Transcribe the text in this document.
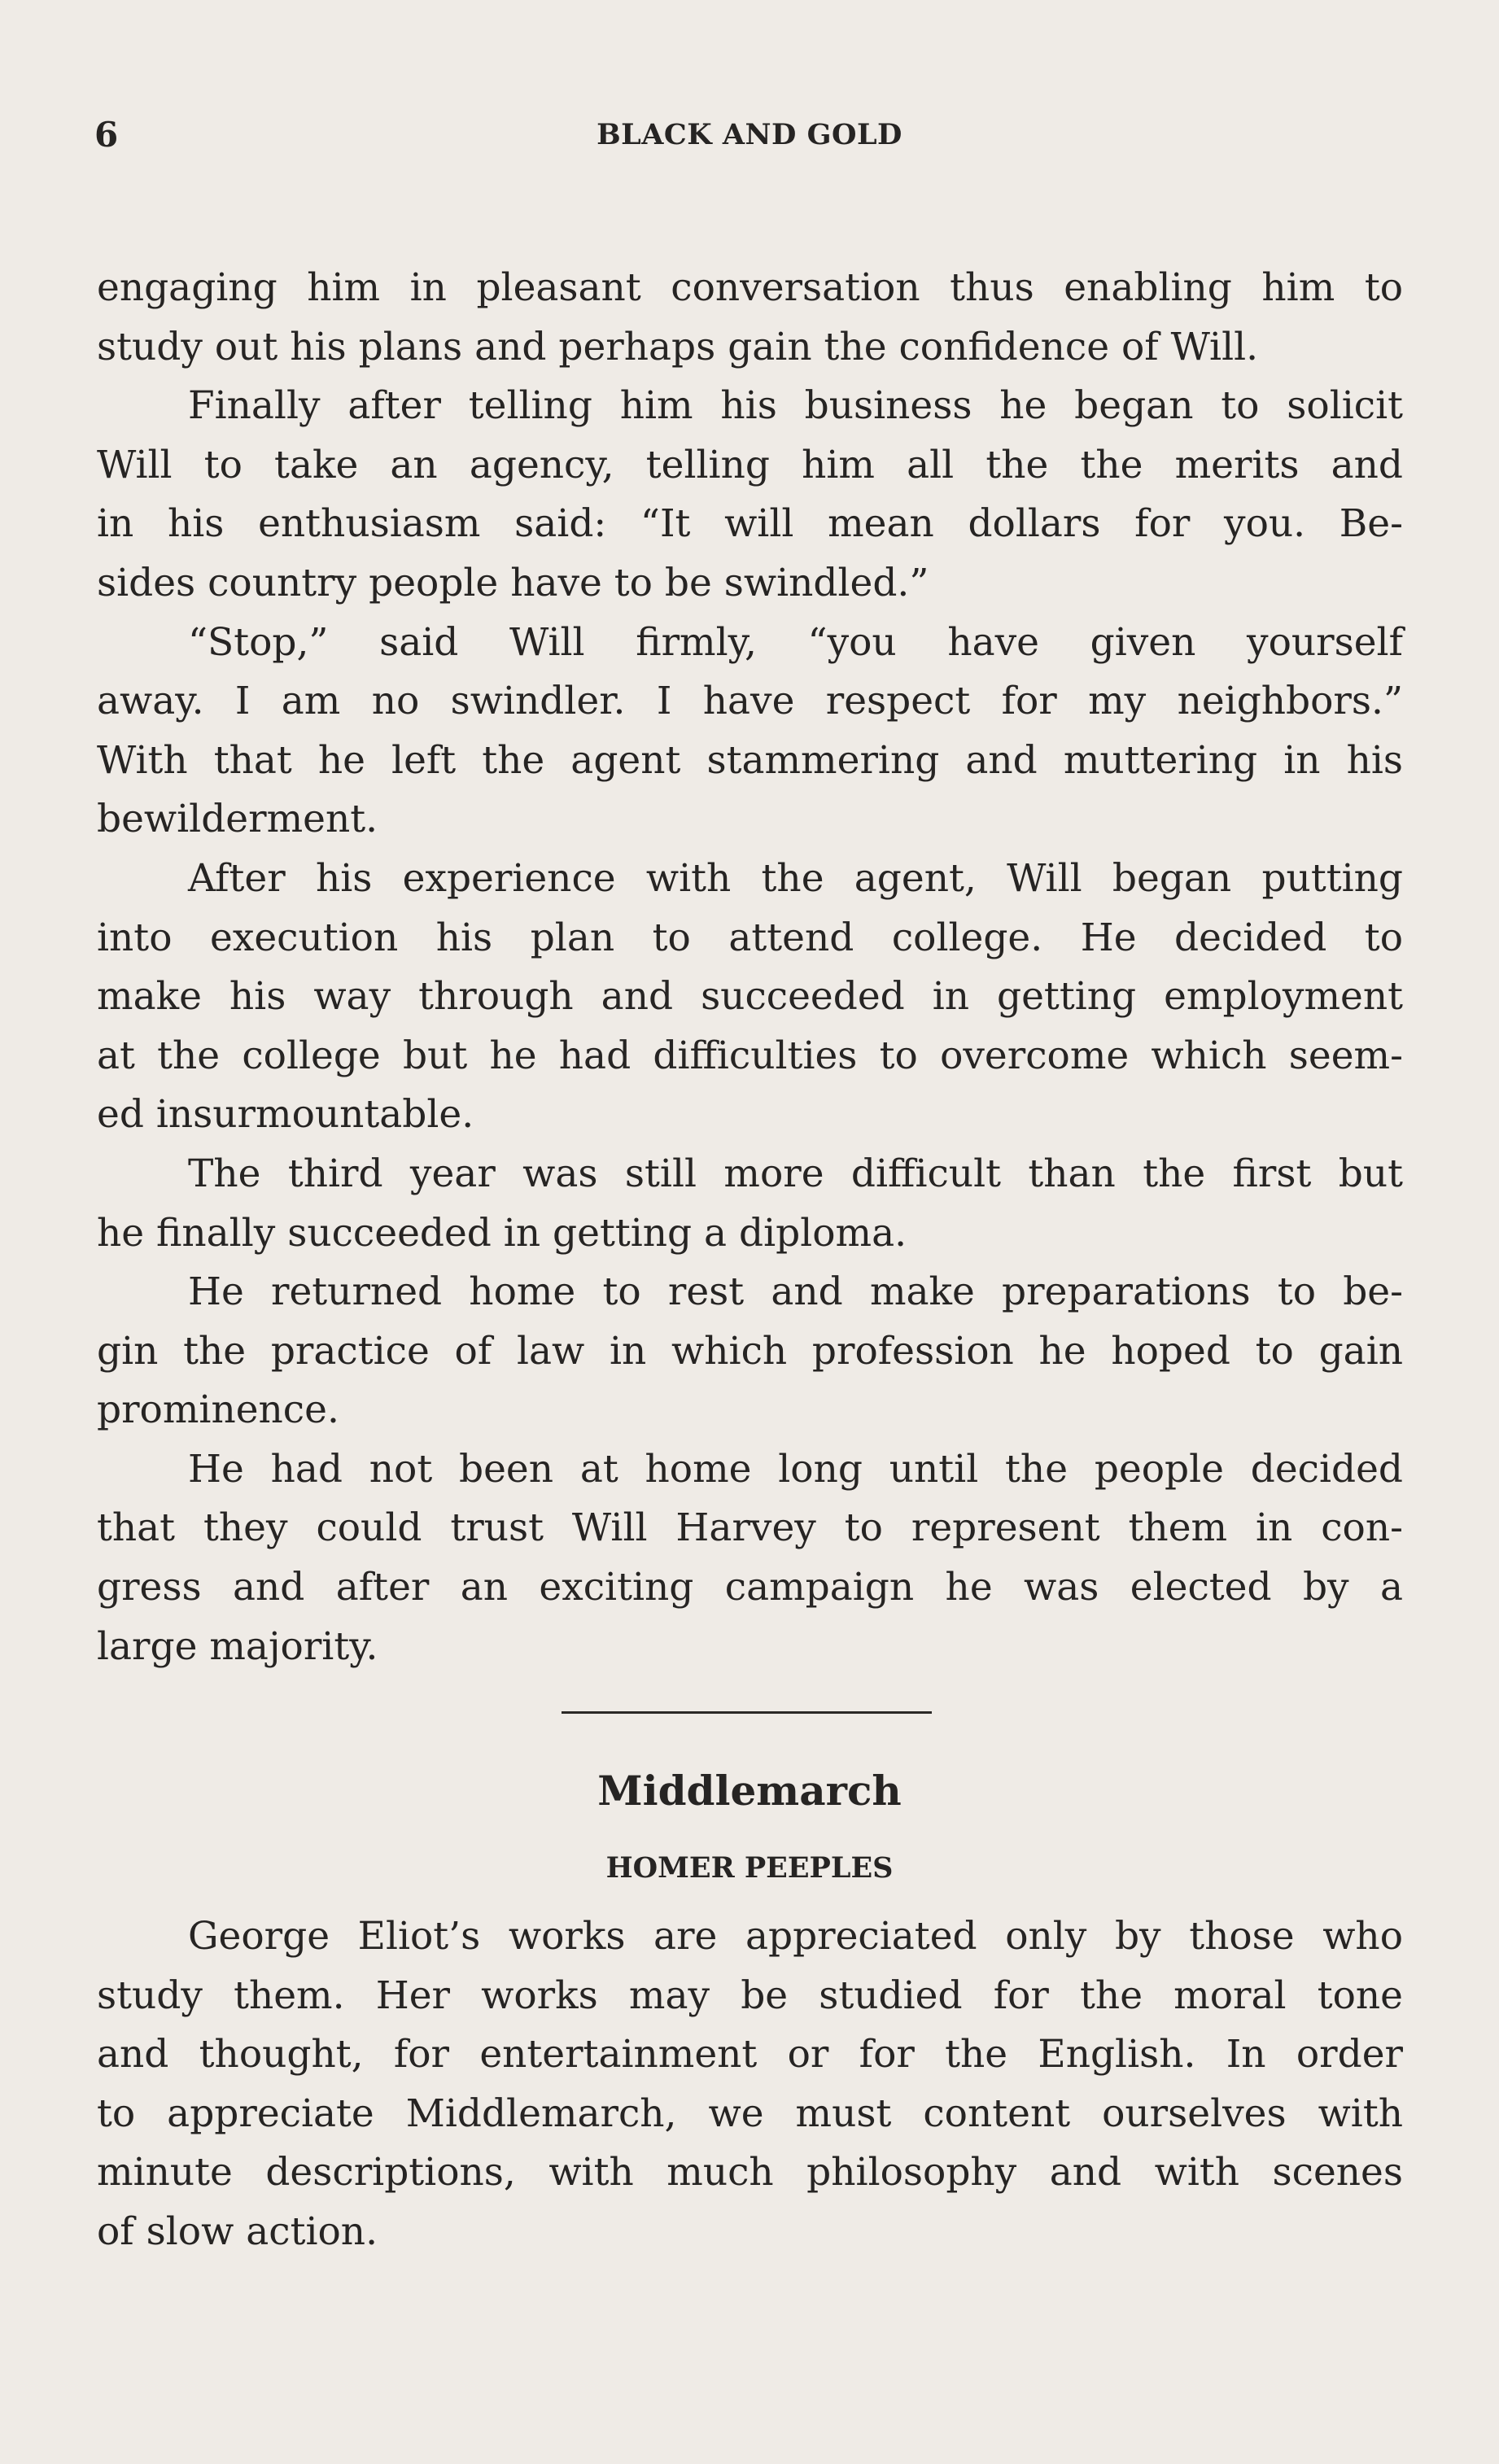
6	BLACK AND GOLD
engaging him in pleasant conversation thus enabling him to
study out his plans and perhaps gain the confidence of Will.
Finally after telling him his business he began to solicit
Will to take an agency, telling him all the the merits and
in his enthusiasm said: “It will mean dollars for you. Be-
sides country people have to be swindled.”
“Stop,” said Will firmly, “you have given yourself
away. I am no swindler. I have respect for my neighbors.”
With that he left the agent stammering and muttering in his
bewilderment.
After his experience with the agent, Will began putting
into execution his plan to attend college. He decided to
make his way through and succeeded in getting employment
at the college but he had difficulties to overcome which seem-
ed insurmountable.
The third year was still more difficult than the first but
he finally succeeded in getting a diploma.
He returned home to rest and make preparations to be-
gin the practice of law in which profession he hoped to gain
prominence.
He had not been at home long until the people decided
that they could trust Will Harvey to represent them in con-
gress and after an exciting campaign he was elected by a
large majority.
Middlemarch
HOMER PEEPLES
George Eliot’s works are appreciated only by those who
study them. Her works may be studied for the moral tone
and thought, for entertainment or for the English. In order
to appreciate Middlemarch, we must content ourselves with
minute descriptions, with much philosophy and with scenes
of slow action.
